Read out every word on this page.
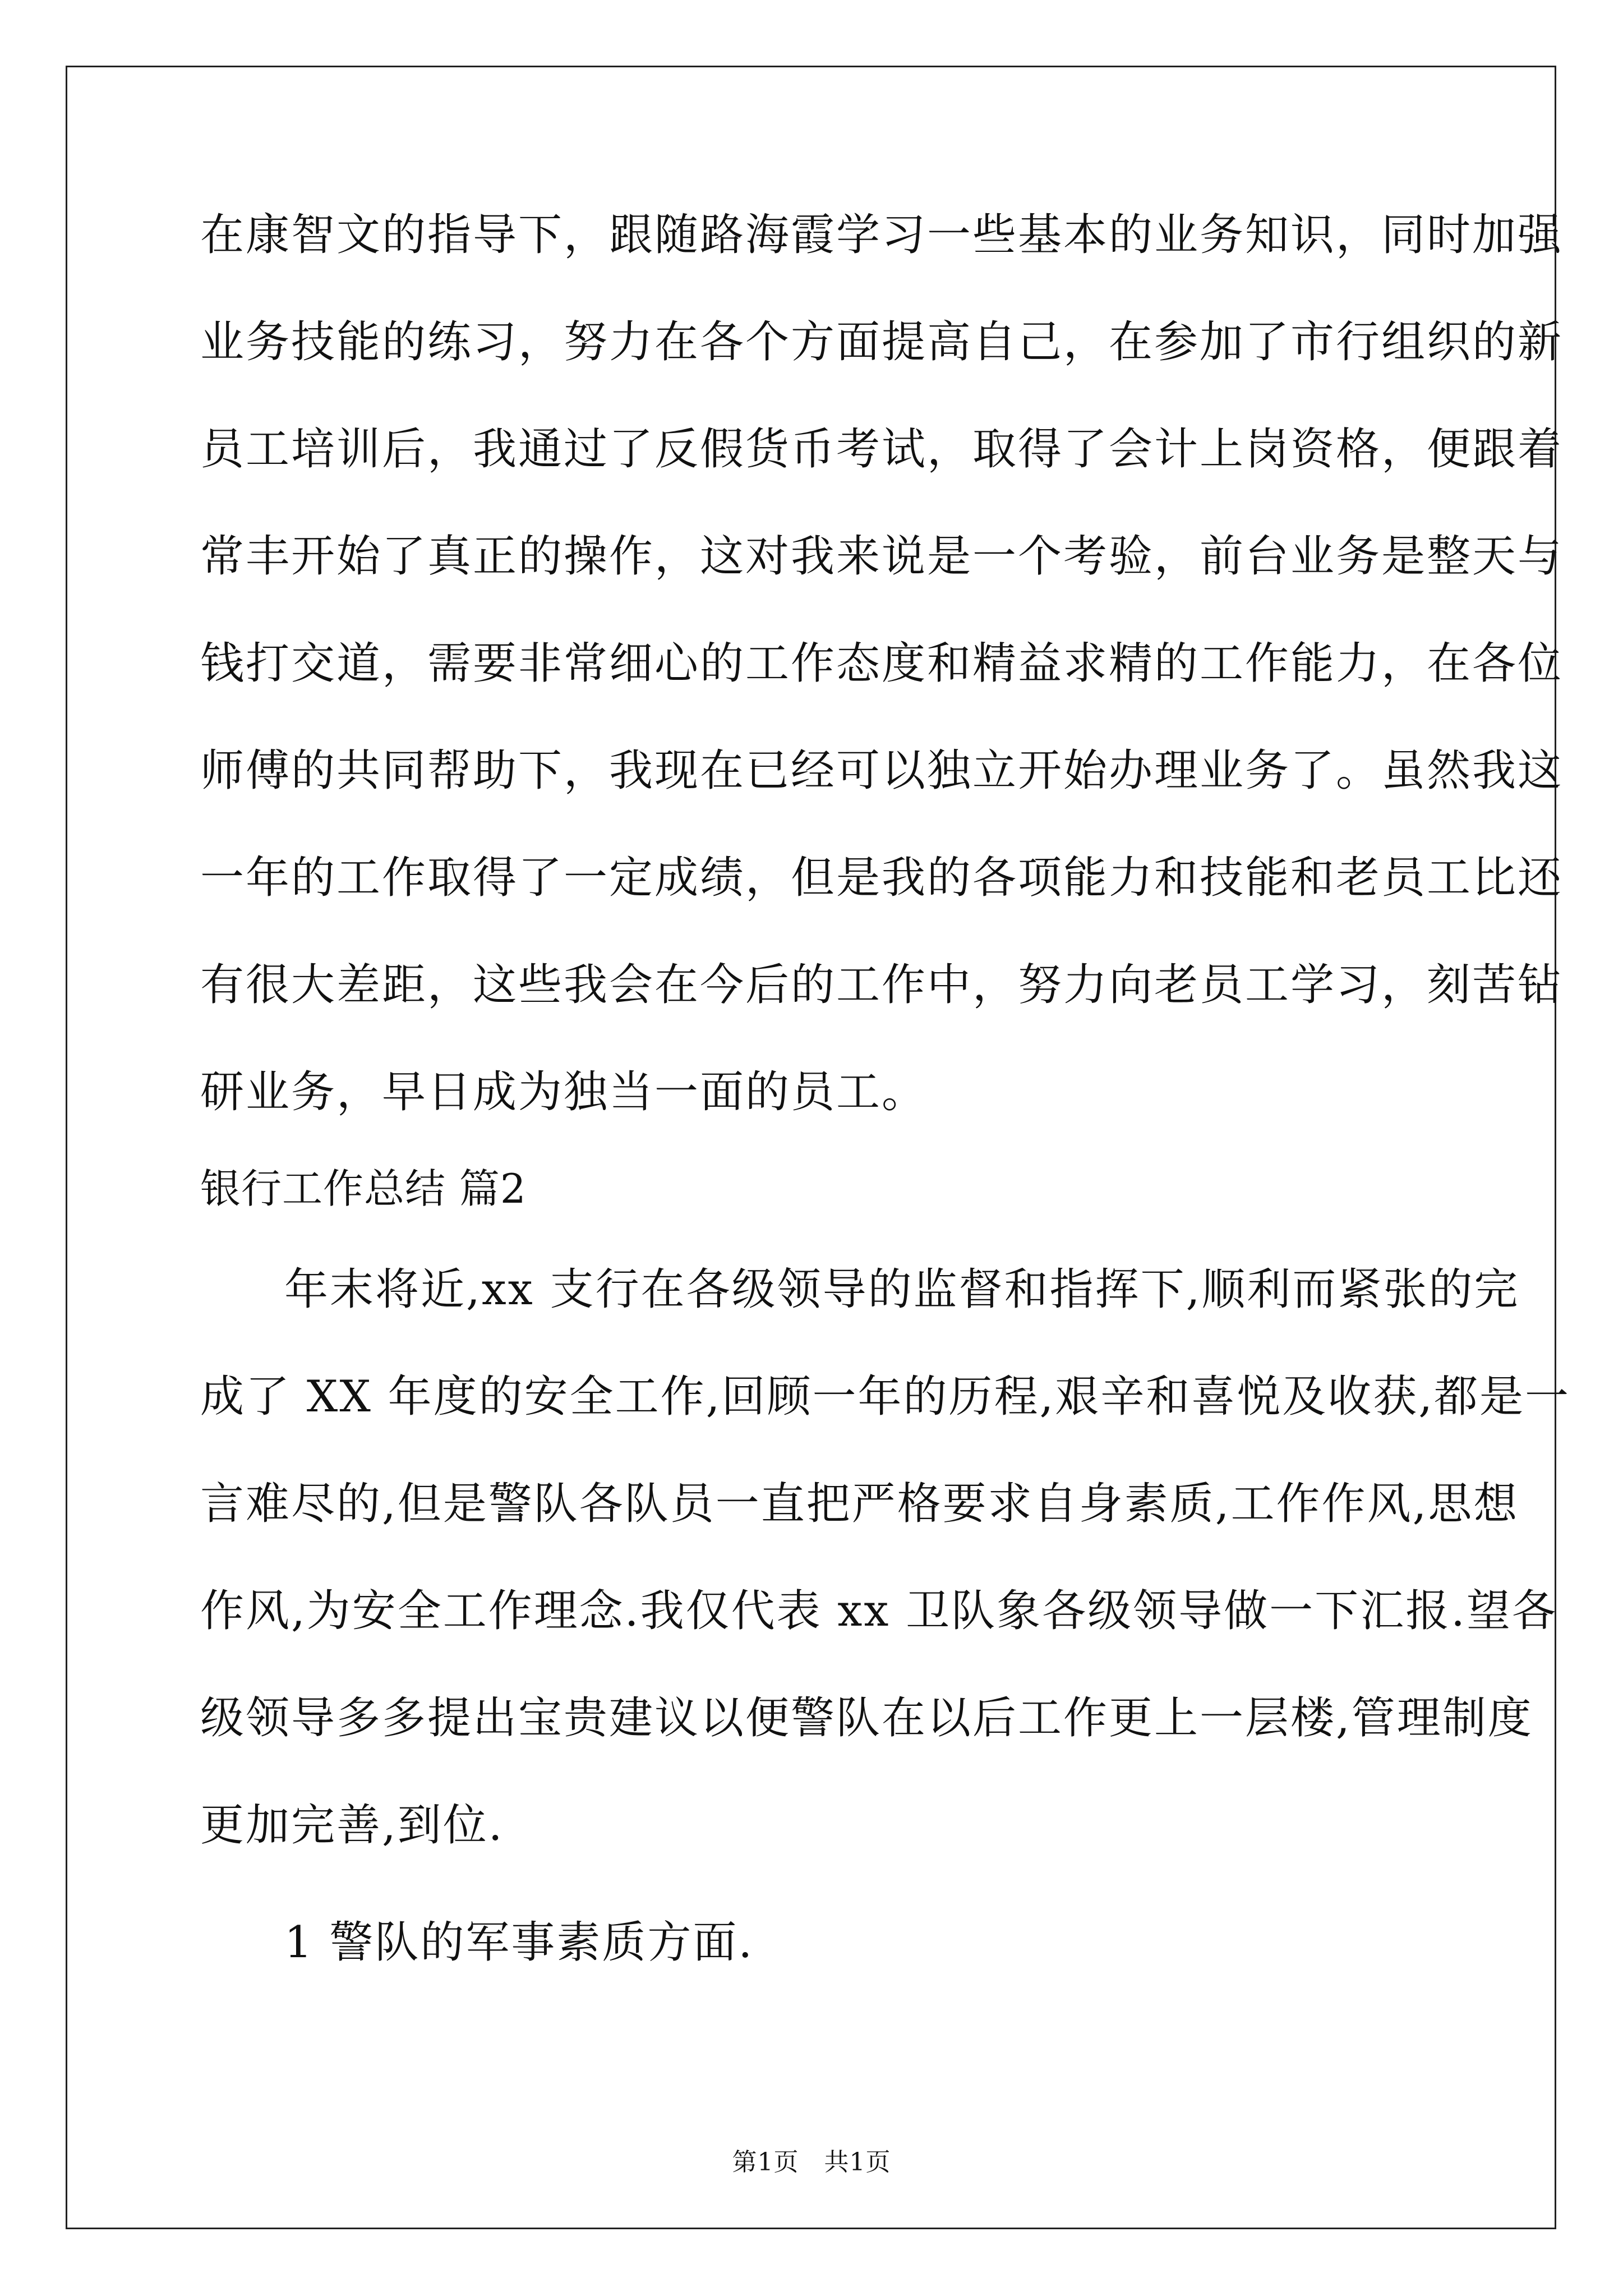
在康智文的指导下，跟随路海霞学习一些基本的业务知识，同时加强
业务技能的练习，努力在各个方面提高自己，在参加了市行组织的新
员工培训后，我通过了反假货币考试，取得了会计上岗资格，便跟着
常丰开始了真正的操作，这对我来说是一个考验，前台业务是整天与
钱打交道，需要非常细心的工作态度和精益求精的工作能力，在各位
师傅的共同帮助下，我现在已经可以独立开始办理业务了。虽然我这
一年的工作取得了一定成绩，但是我的各项能力和技能和老员工比还
有很大差距，这些我会在今后的工作中，努力向老员工学习，刻苦钻
研业务，早日成为独当一面的员工。
银行工作总结 篇2
年末将近,xx 支行在各级领导的监督和指挥下,顺利而紧张的完
成了 XX 年度的安全工作,回顾一年的历程,艰辛和喜悦及收获,都是一
言难尽的,但是警队各队员一直把严格要求自身素质,工作作风,思想
作风,为安全工作理念.我仅代表 xx 卫队象各级领导做一下汇报.望各
级领导多多提出宝贵建议以便警队在以后工作更上一层楼,管理制度
更加完善,到位.
1 警队的军事素质方面.
第1页   共1页
